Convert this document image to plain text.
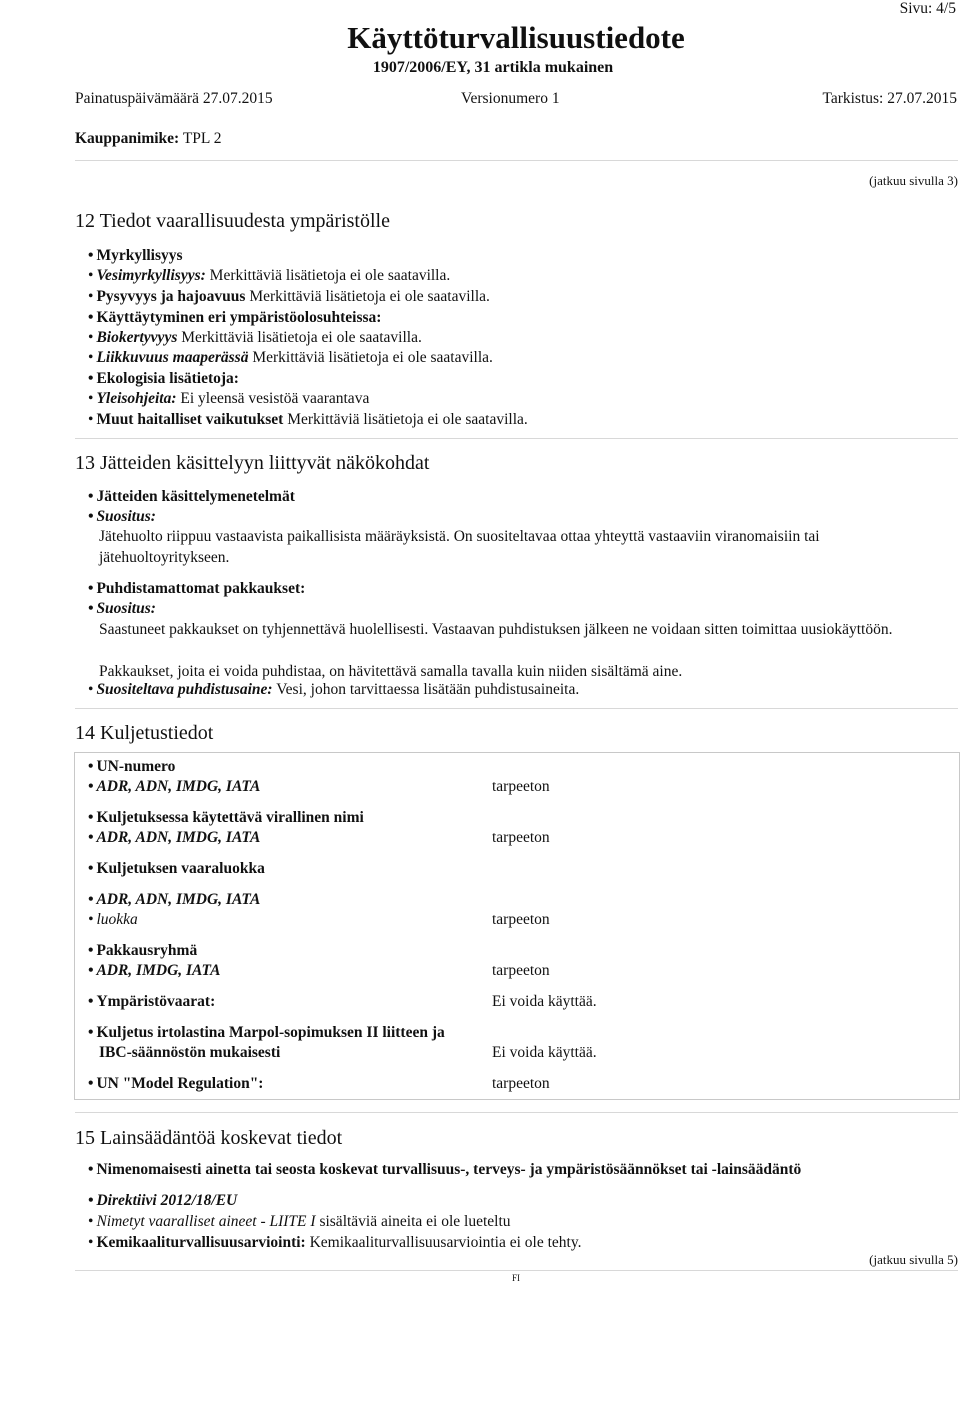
Sivu: 4/5
Käyttöturvallisuustiedote
1907/2006/EY, 31 artikla mukainen
Painatuspäivämäärä 27.07.2015	Versionumero 1	Tarkistus: 27.07.2015
Kauppanimike: TPL 2
(jatkuu sivulla 3)
12 Tiedot vaarallisuudesta ympäristölle
• Myrkyllisyys
• Vesimyrkyllisyys: Merkittäviä lisätietoja ei ole saatavilla.
• Pysyvyys ja hajoavuus Merkittäviä lisätietoja ei ole saatavilla.
• Käyttäytyminen eri ympäristöolosuhteissa:
• Biokertyvyys Merkittäviä lisätietoja ei ole saatavilla.
• Liikkuvuus maaperässä Merkittäviä lisätietoja ei ole saatavilla.
• Ekologisia lisätietoja:
• Yleisohjeita: Ei yleensä vesistöä vaarantava
• Muut haitalliset vaikutukset Merkittäviä lisätietoja ei ole saatavilla.
13 Jätteiden käsittelyyn liittyvät näkökohdat
• Jätteiden käsittelymenetelmät
• Suositus:
Jätehuolto riippuu vastaavista paikallisista määräyksistä. On suositeltavaa ottaa yhteyttä vastaaviin viranomaisiin tai jätehuoltoyritykseen.
• Puhdistamattomat pakkaukset:
• Suositus:
Saastuneet pakkaukset on tyhjennettävä huolellisesti. Vastaavan puhdistuksen jälkeen ne voidaan sitten toimittaa uusiokäyttöön.
Pakkaukset, joita ei voida puhdistaa, on hävitettävä samalla tavalla kuin niiden sisältämä aine.
• Suositeltava puhdistusaine: Vesi, johon tarvittaessa lisätään puhdistusaineita.
14 Kuljetustiedot
• UN-numero
• ADR, ADN, IMDG, IATA	tarpeeton
• Kuljetuksessa käytettävä virallinen nimi
• ADR, ADN, IMDG, IATA	tarpeeton
• Kuljetuksen vaaraluokka
• ADR, ADN, IMDG, IATA
• luokka	tarpeeton
• Pakkausryhmä
• ADR, IMDG, IATA	tarpeeton
• Ympäristövaarat:	Ei voida käyttää.
• Kuljetus irtolastina Marpol-sopimuksen II liitteen ja
IBC-säännöstön mukaisesti	Ei voida käyttää.
• UN "Model Regulation":	tarpeeton
15 Lainsäädäntöä koskevat tiedot
• Nimenomaisesti ainetta tai seosta koskevat turvallisuus-, terveys- ja ympäristösäännökset tai -lainsäädäntö
• Direktiivi 2012/18/EU
• Nimetyt vaaralliset aineet - LIITE I sisältäviä aineita ei ole lueteltu
• Kemikaaliturvallisuusarviointi: Kemikaaliturvallisuusarviointia ei ole tehty.
(jatkuu sivulla 5)
FI
